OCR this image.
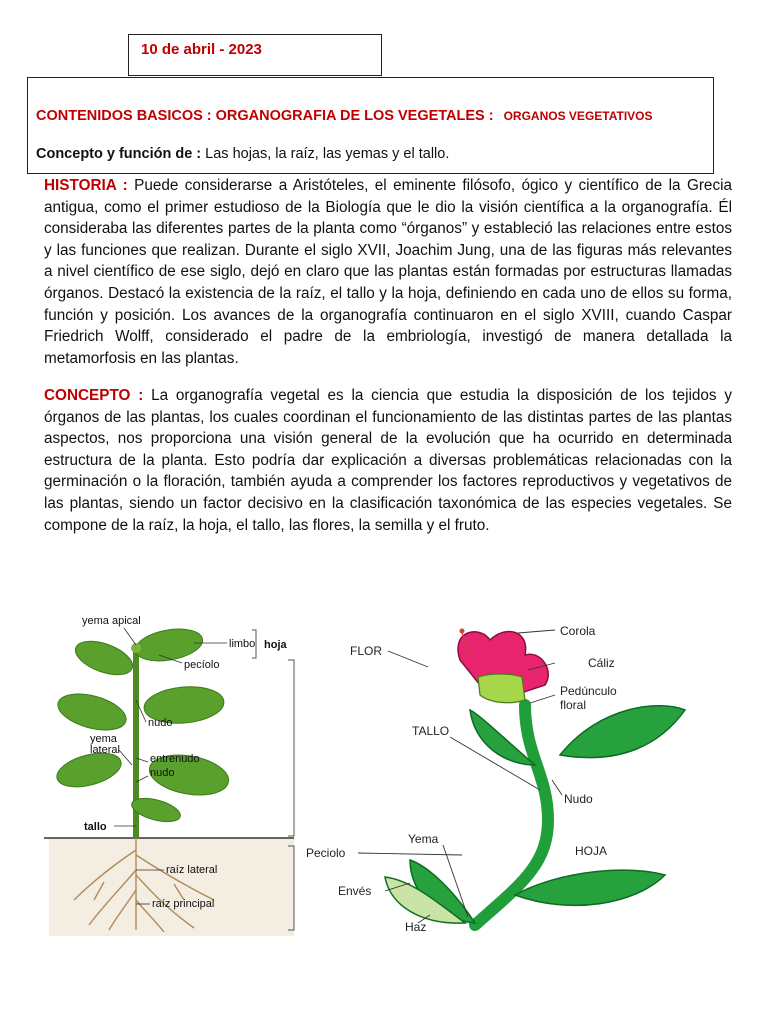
10 de abril - 2023
CONTENIDOS BASICOS : ORGANOGRAFIA DE LOS VEGETALES : ORGANOS VEGETATIVOS
Concepto y función de : Las hojas, la raíz, las yemas y el tallo.
HISTORIA : Puede considerarse a Aristóteles, el eminente filósofo, ógico y científico de la Grecia antigua, como el primer estudioso de la Biología que le dio la visión científica a la organografía. Él consideraba las diferentes partes de la planta como “órganos” y estableció las relaciones entre estos y las funciones que realizan. Durante el siglo XVII, Joachim Jung, una de las figuras más relevantes a nivel científico de ese siglo, dejó en claro que las plantas están formadas por estructuras llamadas órganos. Destacó la existencia de la raíz, el tallo y la hoja, definiendo en cada uno de ellos su forma, función y posición. Los avances de la organografía continuaron en el siglo XVIII, cuando Caspar Friedrich Wolff, considerado el padre de la embriología, investigó de manera detallada la metamorfosis en las plantas.
CONCEPTO : La organografía vegetal es la ciencia que estudia la disposición de los tejidos y órganos de las plantas, los cuales coordinan el funcionamiento de las distintas partes de las plantas aspectos, nos proporciona una visión general de la evolución que ha ocurrido en determinada estructura de la planta. Esto podría dar explicación a diversas problemáticas relacionadas con la germinación o la floración, también ayuda a comprender los factores reproductivos y vegetativos de las plantas, siendo un factor decisivo en la clasificación taxonómica de las especies vegetales. Se compone de la raíz, la hoja, el tallo, las flores, la semilla y el fruto.
yema apical
limbo hoja
pecíolo
nudo
yema
lateral
entrenudo
nudo
tallo
raíz lateral
raíz principal
FLOR
Corola
Cáliz
Pedúnculo
floral
TALLO
Nudo
Yema
Peciolo	HOJA
Envés
Haz
